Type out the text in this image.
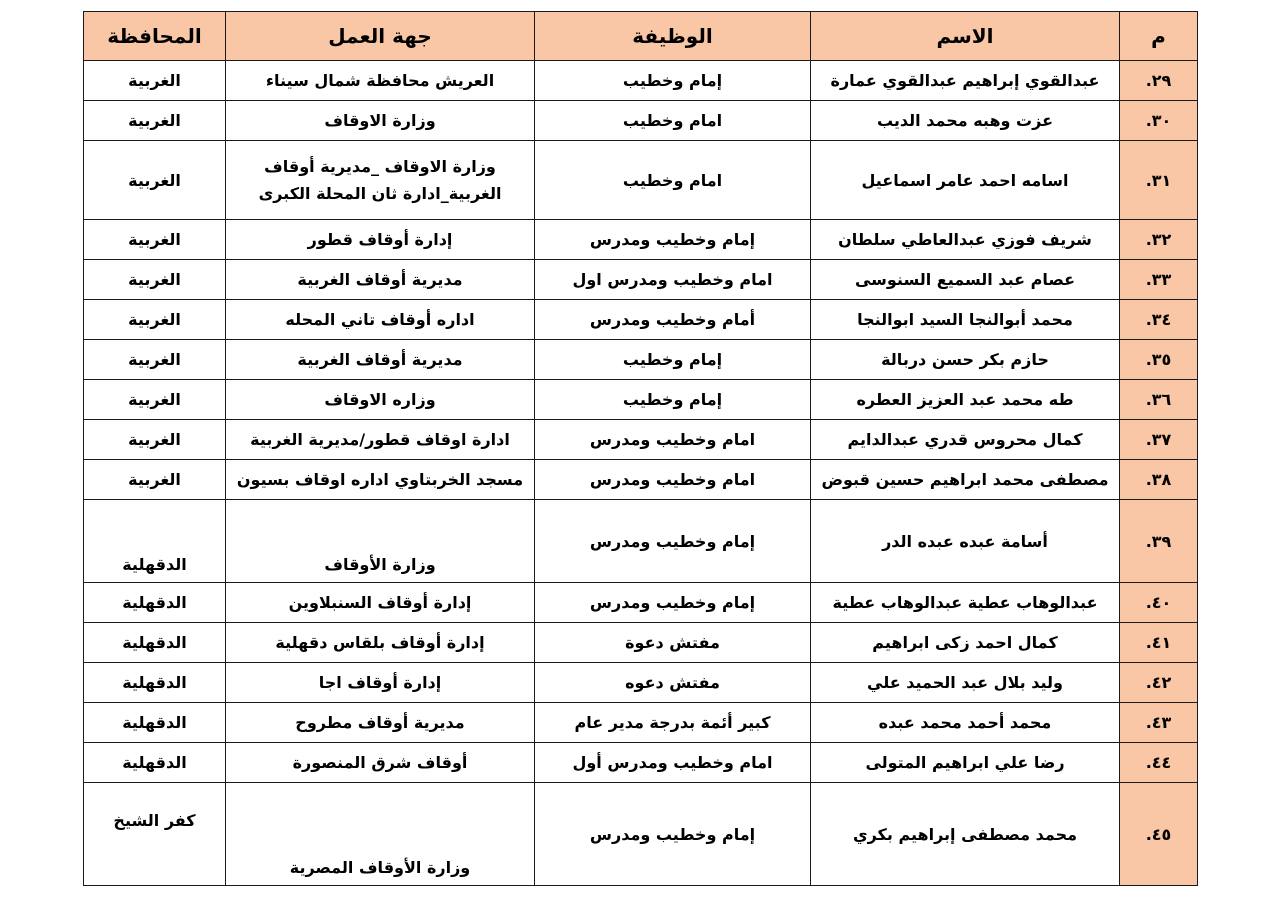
م	الاسم	الوظيفة	جهة العمل	المحافظة
٢٩.	عبدالقوي إبراهيم عبدالقوي عمارة	إمام وخطيب	العريش محافظة شمال سيناء	الغربية
٣٠.	عزت وهبه محمد الديب	امام وخطيب	وزارة الاوقاف	الغربية
٣١.	اسامه احمد عامر اسماعيل	امام وخطيب	وزارة الاوقاف _مديرية أوقاف الغربية_ادارة ثان المحلة الكبرى	الغربية
٣٢.	شريف فوزي عبدالعاطي سلطان	إمام وخطيب ومدرس	إدارة أوقاف قطور	الغربية
٣٣.	عصام عبد السميع السنوسى	امام وخطيب ومدرس اول	مديرية أوقاف الغربية	الغربية
٣٤.	محمد أبوالنجا السيد ابوالنجا	أمام وخطيب ومدرس	اداره أوقاف تاني المحله	الغربية
٣٥.	حازم بكر حسن دربالة	إمام وخطيب	مديرية أوقاف الغربية	الغربية
٣٦.	طه محمد عبد العزيز العطره	إمام وخطيب	وزاره الاوقاف	الغربية
٣٧.	كمال محروس قدري عبدالدايم	امام وخطيب ومدرس	ادارة اوقاف قطور/مديرية الغربية	الغربية
٣٨.	مصطفى محمد ابراهيم حسين قبوض	امام وخطيب ومدرس	مسجد الخربتاوي اداره اوقاف بسيون	الغربية
٣٩.	أسامة عبده عبده الدر	إمام وخطيب ومدرس	وزارة الأوقاف	الدقهلية
٤٠.	عبدالوهاب عطية عبدالوهاب عطية	إمام وخطيب ومدرس	إدارة أوقاف السنبلاوين	الدقهلية
٤١.	كمال احمد زكى ابراهيم	مفتش دعوة	إدارة أوقاف بلقاس دقهلية	الدقهلية
٤٢.	وليد بلال عبد الحميد علي	مفتش دعوه	إدارة أوقاف اجا	الدقهلية
٤٣.	محمد أحمد محمد عبده	كبير أئمة بدرجة مدير عام	مديرية أوقاف مطروح	الدقهلية
٤٤.	رضا علي ابراهيم المتولى	امام وخطيب ومدرس أول	أوقاف شرق المنصورة	الدقهلية
٤٥.	محمد مصطفى إبراهيم بكري	إمام وخطيب ومدرس	وزارة الأوقاف المصرية	كفر الشيخ
